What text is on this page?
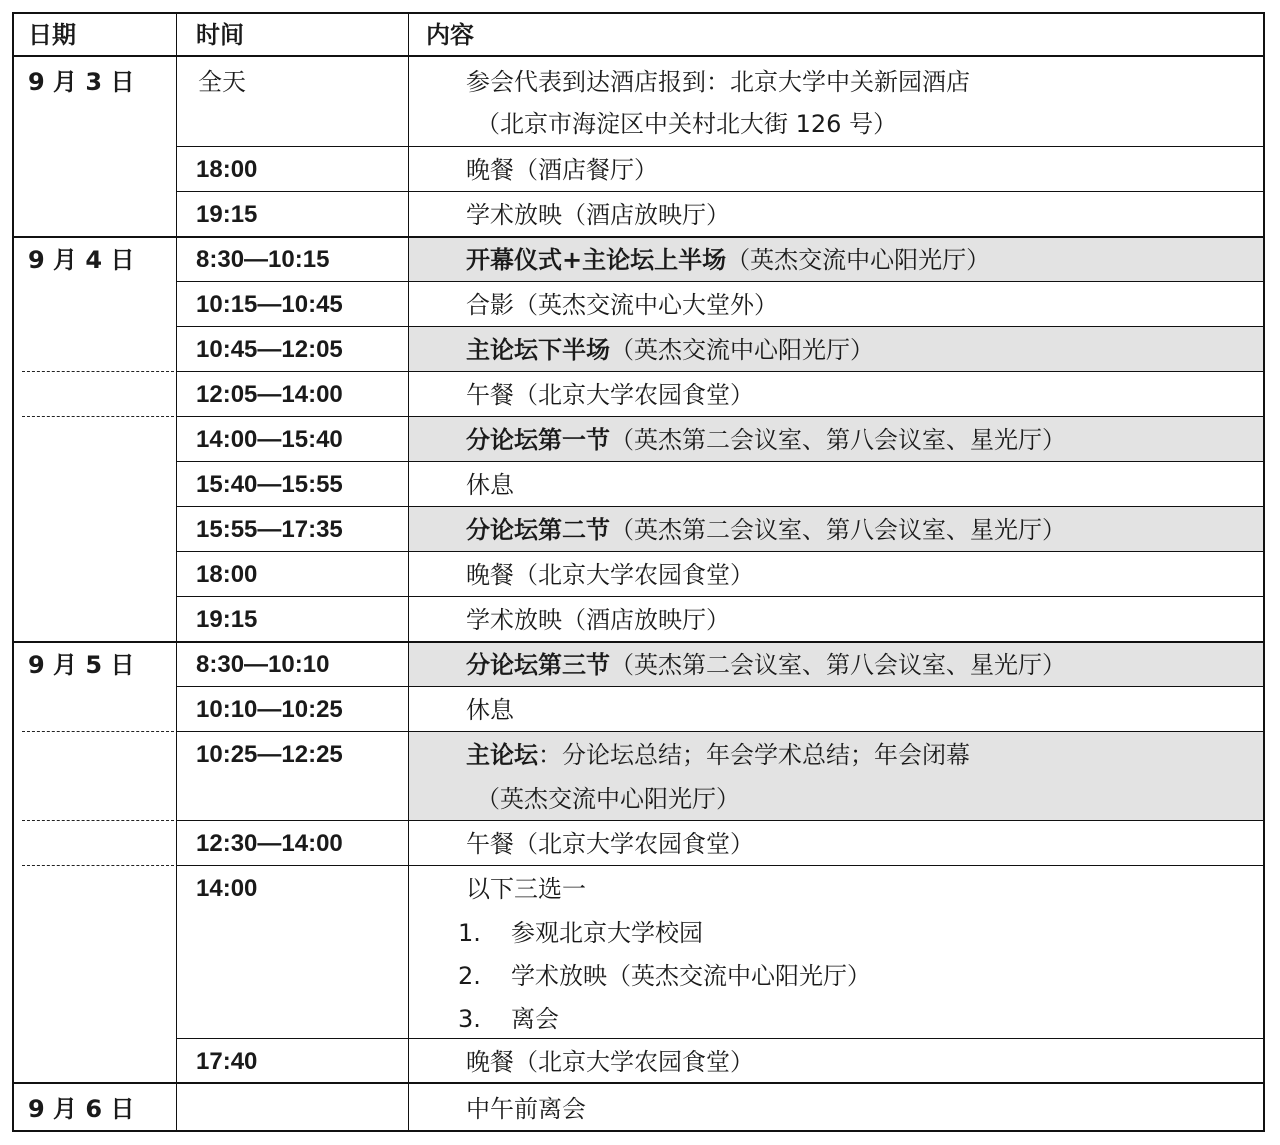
日期	时间	内容
9 月 3 日
9 月 4 日
9 月 5 日
9 月 6 日
全天
18:00
19:15
8:30—10:15
10:15—10:45
10:45—12:05
12:05—14:00
14:00—15:40
15:40—15:55
15:55—17:35
18:00
19:15
8:30—10:10
10:10—10:25
10:25—12:25
12:30—14:00
14:00
17:40
参会代表到达酒店报到：北京大学中关新园酒店
（北京市海淀区中关村北大街 126 号）
晚餐（酒店餐厅）
学术放映（酒店放映厅）
开幕仪式+主论坛上半场（英杰交流中心阳光厅）
合影（英杰交流中心大堂外）
主论坛下半场（英杰交流中心阳光厅）
午餐（北京大学农园食堂）
分论坛第一节（英杰第二会议室、第八会议室、星光厅）
休息
分论坛第二节（英杰第二会议室、第八会议室、星光厅）
晚餐（北京大学农园食堂）
学术放映（酒店放映厅）
分论坛第三节（英杰第二会议室、第八会议室、星光厅）
休息
主论坛：分论坛总结；年会学术总结；年会闭幕
（英杰交流中心阳光厅）
午餐（北京大学农园食堂）
以下三选一
1. 参观北京大学校园
2. 学术放映（英杰交流中心阳光厅）
3. 离会
晚餐（北京大学农园食堂）
中午前离会
